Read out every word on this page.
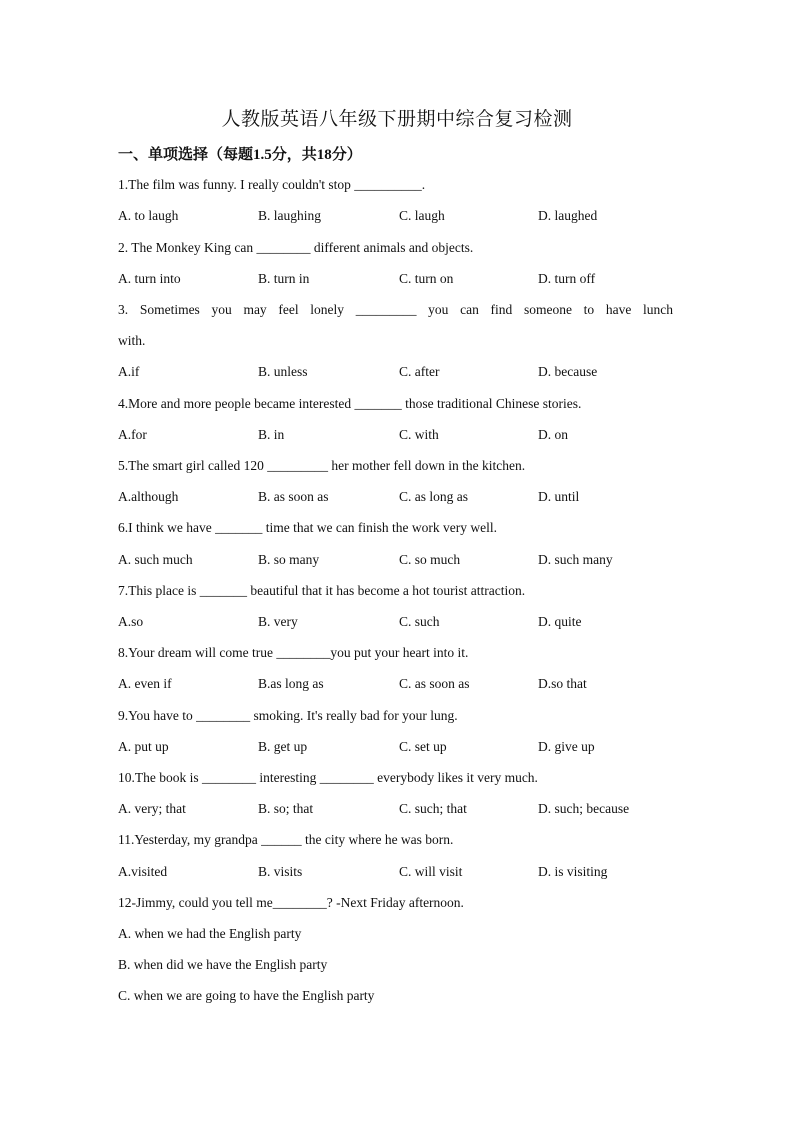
人教版英语八年级下册期中综合复习检测
一、单项选择（每题1.5分，共18分）
1.The film was funny. I really couldn't stop __________.
A. to laugh	B. laughing	C. laugh	D. laughed
2. The Monkey King can ________ different animals and objects.
A. turn into	B. turn in	C. turn on	D. turn off
3. Sometimes you may feel lonely _________ you can find someone to have lunch
with.
A.if	B. unless	C. after	D. because
4.More and more people became interested _______ those traditional Chinese stories.
A.for	B. in	C. with	D. on
5.The smart girl called 120 _________ her mother fell down in the kitchen.
A.although	B. as soon as	C. as long as	D. until
6.I think we have _______ time that we can finish the work very well.
A. such much	B. so many	C. so much	D. such many
7.This place is _______ beautiful that it has become a hot tourist attraction.
A.so	B. very	C. such	D. quite
8.Your dream will come true ________you put your heart into it.
A. even if	B.as long as	C. as soon as	D.so that
9.You have to ________ smoking. It's really bad for your lung.
A. put up	B. get up	C. set up	D. give up
10.The book is ________ interesting ________ everybody likes it very much.
A. very; that	B. so; that	C. such; that	D. such; because
11.Yesterday, my grandpa ______ the city where he was born.
A.visited	B. visits	C. will visit	D. is visiting
12-Jimmy, could you tell me________? -Next Friday afternoon.
A. when we had the English party
B. when did we have the English party
C. when we are going to have the English party
